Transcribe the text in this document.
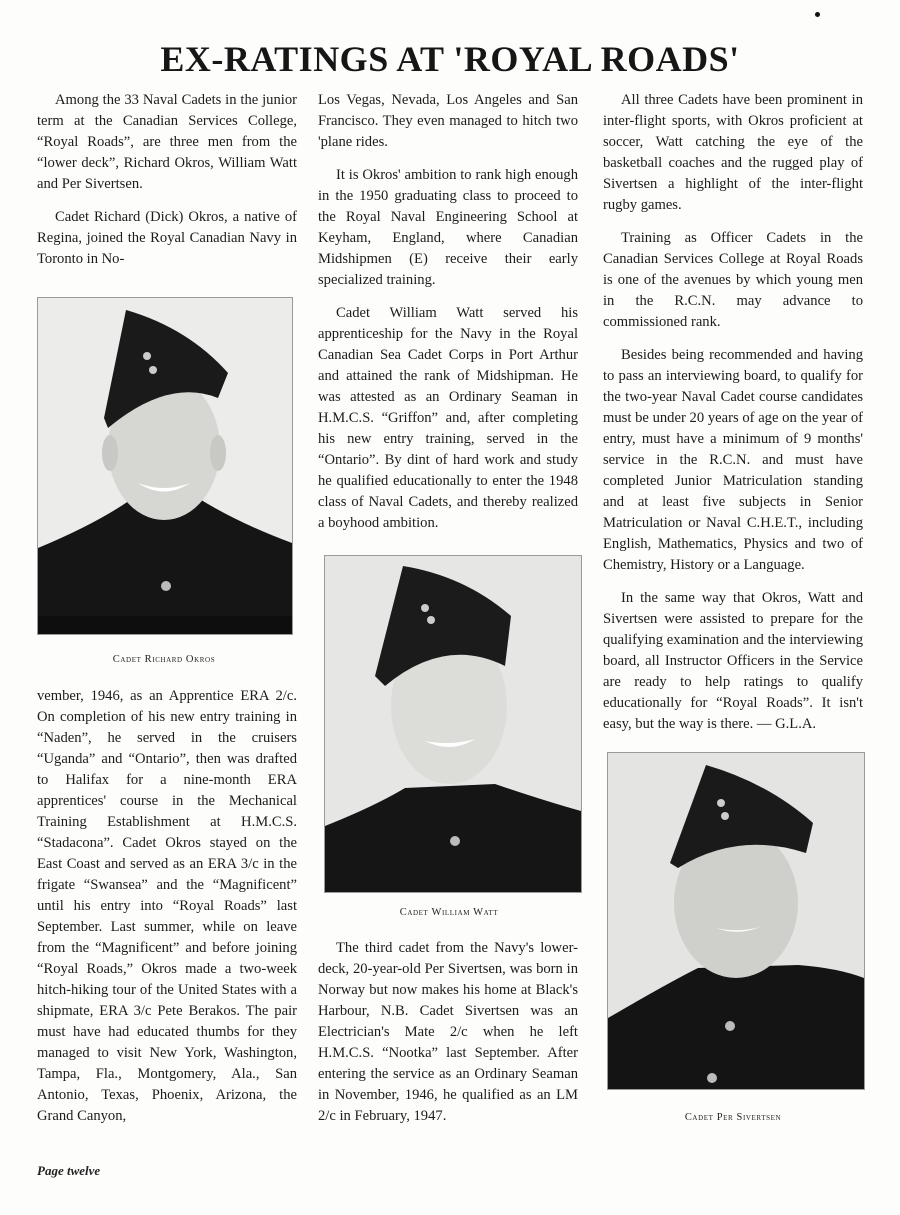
EX-RATINGS AT 'ROYAL ROADS'

Among the 33 Naval Cadets in the junior term at the Canadian Services College, “Royal Roads”, are three men from the “lower deck”, Richard Okros, William Watt and Per Sivertsen.

Cadet Richard (Dick) Okros, a native of Regina, joined the Royal Canadian Navy in Toronto in No-

Cadet Richard Okros

vember, 1946, as an Apprentice ERA 2/c. On completion of his new entry training in “Naden”, he served in the cruisers “Uganda” and “Ontario”, then was drafted to Halifax for a nine-month ERA apprentices' course in the Mechanical Training Establishment at H.M.C.S. “Stadacona”. Cadet Okros stayed on the East Coast and served as an ERA 3/c in the frigate “Swansea” and the “Magnificent” until his entry into “Royal Roads” last September. Last summer, while on leave from the “Magnificent” and before joining “Royal Roads,” Okros made a two-week hitch-hiking tour of the United States with a shipmate, ERA 3/c Pete Berakos. The pair must have had educated thumbs for they managed to visit New York, Washington, Tampa, Fla., Montgomery, Ala., San Antonio, Texas, Phoenix, Arizona, the Grand Canyon,

Los Vegas, Nevada, Los Angeles and San Francisco. They even managed to hitch two 'plane rides.

It is Okros' ambition to rank high enough in the 1950 graduating class to proceed to the Royal Naval Engineering School at Keyham, England, where Canadian Midshipmen (E) receive their early specialized training.

Cadet William Watt served his apprenticeship for the Navy in the Royal Canadian Sea Cadet Corps in Port Arthur and attained the rank of Midshipman. He was attested as an Ordinary Seaman in H.M.C.S. “Griffon” and, after completing his new entry training, served in the “Ontario”. By dint of hard work and study he qualified educationally to enter the 1948 class of Naval Cadets, and thereby realized a boyhood ambition.

Cadet William Watt

The third cadet from the Navy's lower-deck, 20-year-old Per Sivertsen, was born in Norway but now makes his home at Black's Harbour, N.B. Cadet Sivertsen was an Electrician's Mate 2/c when he left H.M.C.S. “Nootka” last September. After entering the service as an Ordinary Seaman in November, 1946, he qualified as an LM 2/c in February, 1947.

All three Cadets have been prominent in inter-flight sports, with Okros proficient at soccer, Watt catching the eye of the basketball coaches and the rugged play of Sivertsen a highlight of the inter-flight rugby games.

Training as Officer Cadets in the Canadian Services College at Royal Roads is one of the avenues by which young men in the R.C.N. may advance to commissioned rank.

Besides being recommended and having to pass an interviewing board, to qualify for the two-year Naval Cadet course candidates must be under 20 years of age on the year of entry, must have a minimum of 9 months' service in the R.C.N. and must have completed Junior Matriculation standing and at least five subjects in Senior Matriculation or Naval C.H.E.T., including English, Mathematics, Physics and two of Chemistry, History or a Language.

In the same way that Okros, Watt and Sivertsen were assisted to prepare for the qualifying examination and the interviewing board, all Instructor Officers in the Service are ready to help ratings to qualify educationally for “Royal Roads”. It isn't easy, but the way is there. — G.L.A.

Cadet Per Sivertsen
Page twelve
